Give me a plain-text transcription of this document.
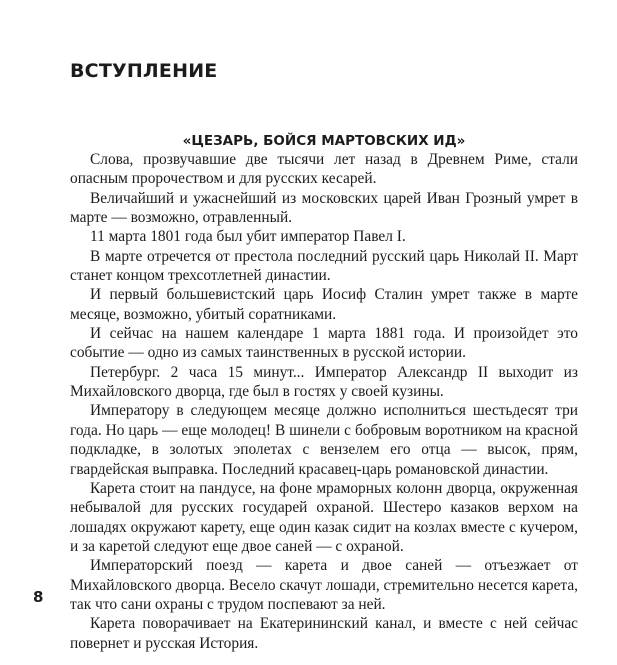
ВСТУПЛЕНИЕ
«ЦЕЗАРЬ, БОЙСЯ МАРТОВСКИХ ИД»

Слова, прозвучавшие две тысячи лет назад в Древнем Риме, стали опасным пророчеством и для русских кесарей.

Величайший и ужаснейший из московских царей Иван Грозный умрет в марте — возможно, отравленный.

11 марта 1801 года был убит император Павел I.

В марте отречется от престола последний русский царь Николай II. Март станет концом трехсотлетней династии.

И первый большевистский царь Иосиф Сталин умрет также в марте месяце, возможно, убитый соратниками.

И сейчас на нашем календаре 1 марта 1881 года. И произойдет это событие — одно из самых таинственных в русской истории.

Петербург. 2 часа 15 минут... Император Александр II выходит из Михайловского дворца, где был в гостях у своей кузины.

Императору в следующем месяце должно исполниться шестьдесят три года. Но царь — еще молодец! В шинели с бобровым воротником на красной подкладке, в золотых эполетах с вензелем его отца — высок, прям, гвардейская выправка. Последний красавец-царь романовской династии.

Карета стоит на пандусе, на фоне мраморных колонн дворца, окруженная небывалой для русских государей охраной. Шестеро казаков верхом на лошадях окружают карету, еще один казак сидит на козлах вместе с кучером, и за каретой следуют еще двое саней — с охраной.

Императорский поезд — карета и двое саней — отъезжает от Михайловского дворца. Весело скачут лошади, стремительно несется карета, так что сани охраны с трудом поспевают за ней.

Карета поворачивает на Екатерининский канал, и вместе с ней сейчас повернет и русская История.

8
